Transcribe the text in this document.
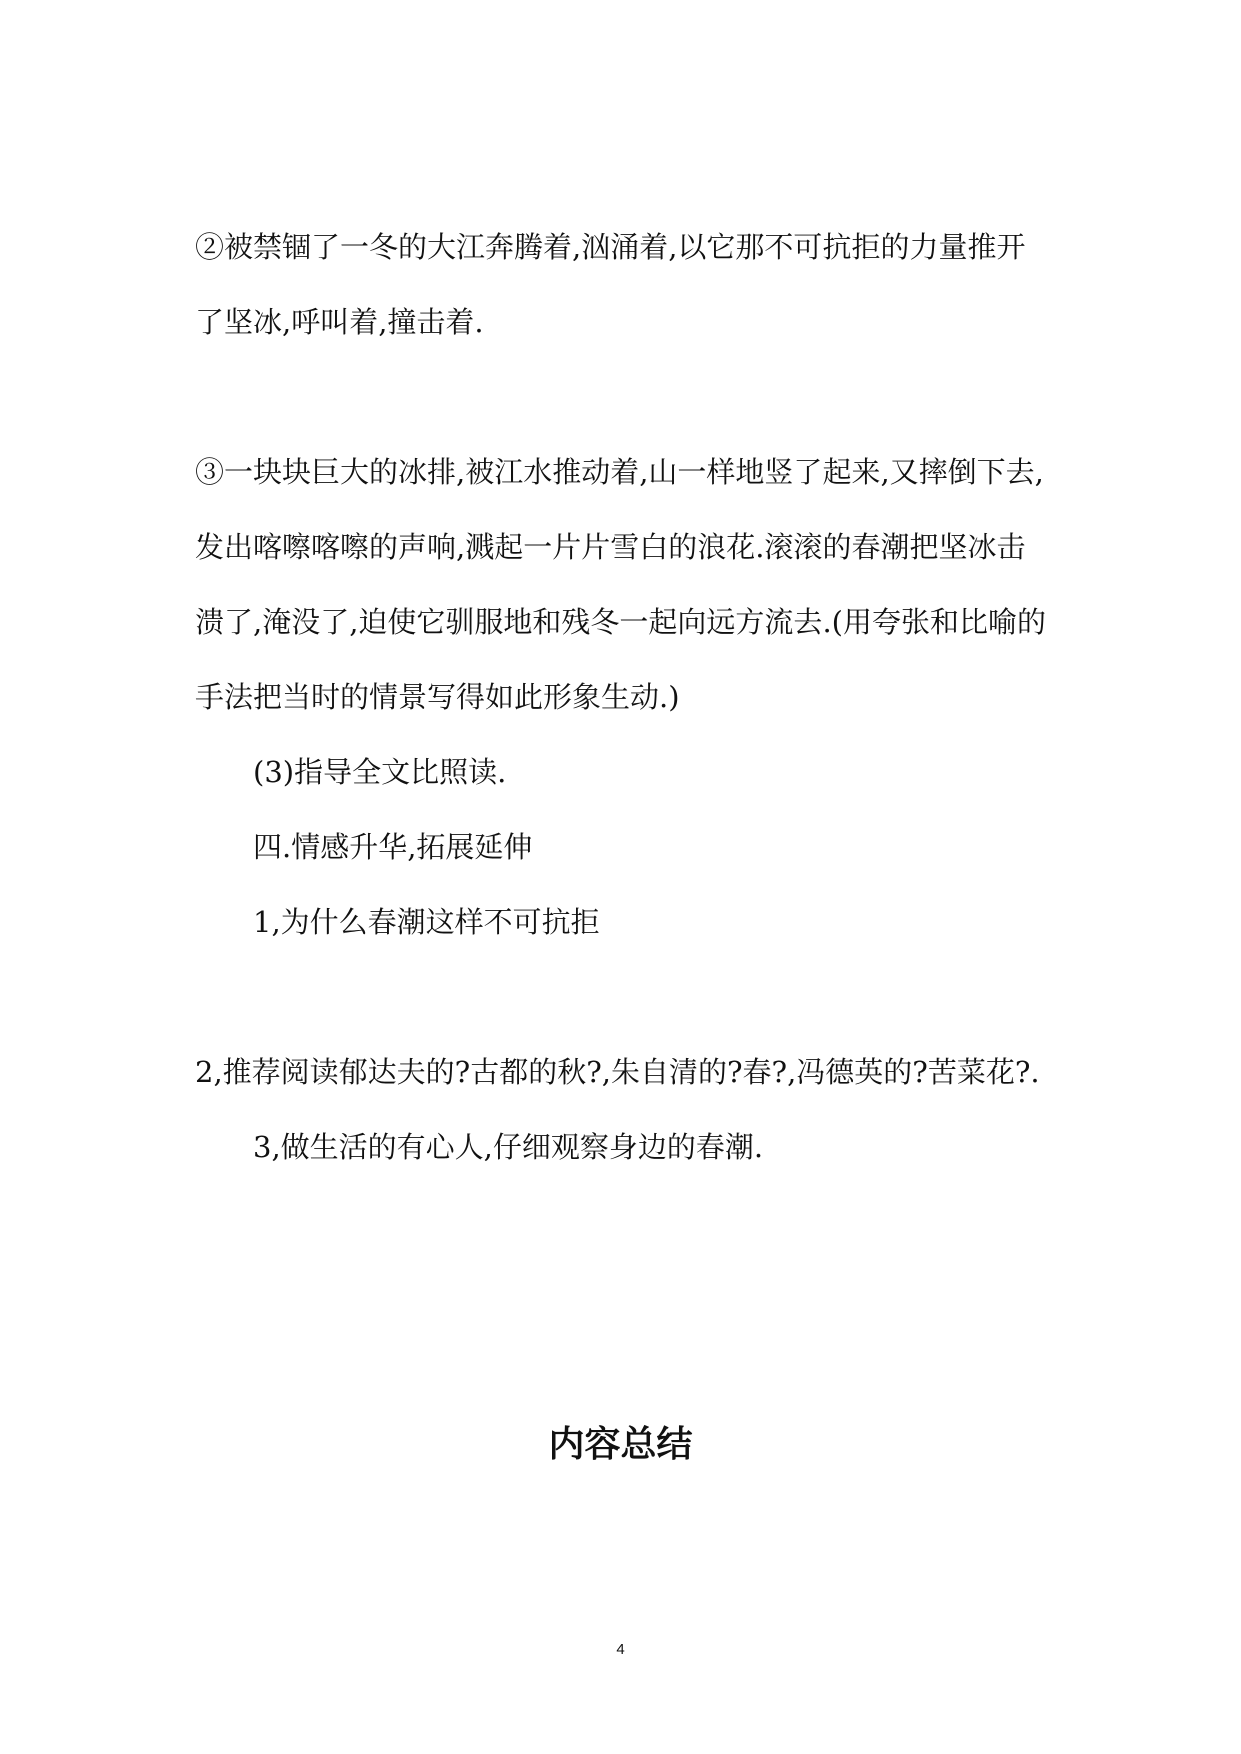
②被禁锢了一冬的大江奔腾着,汹涌着,以它那不可抗拒的力量推开
了坚冰,呼叫着,撞击着.
③一块块巨大的冰排,被江水推动着,山一样地竖了起来,又摔倒下去,
发出喀嚓喀嚓的声响,溅起一片片雪白的浪花.滚滚的春潮把坚冰击
溃了,淹没了,迫使它驯服地和残冬一起向远方流去.(用夸张和比喻的
手法把当时的情景写得如此形象生动.)
(3)指导全文比照读.
四.情感升华,拓展延伸
1,为什么春潮这样不可抗拒
2,推荐阅读郁达夫的?古都的秋?,朱自清的?春?,冯德英的?苦菜花?.
3,做生活的有心人,仔细观察身边的春潮.
内容总结
4
